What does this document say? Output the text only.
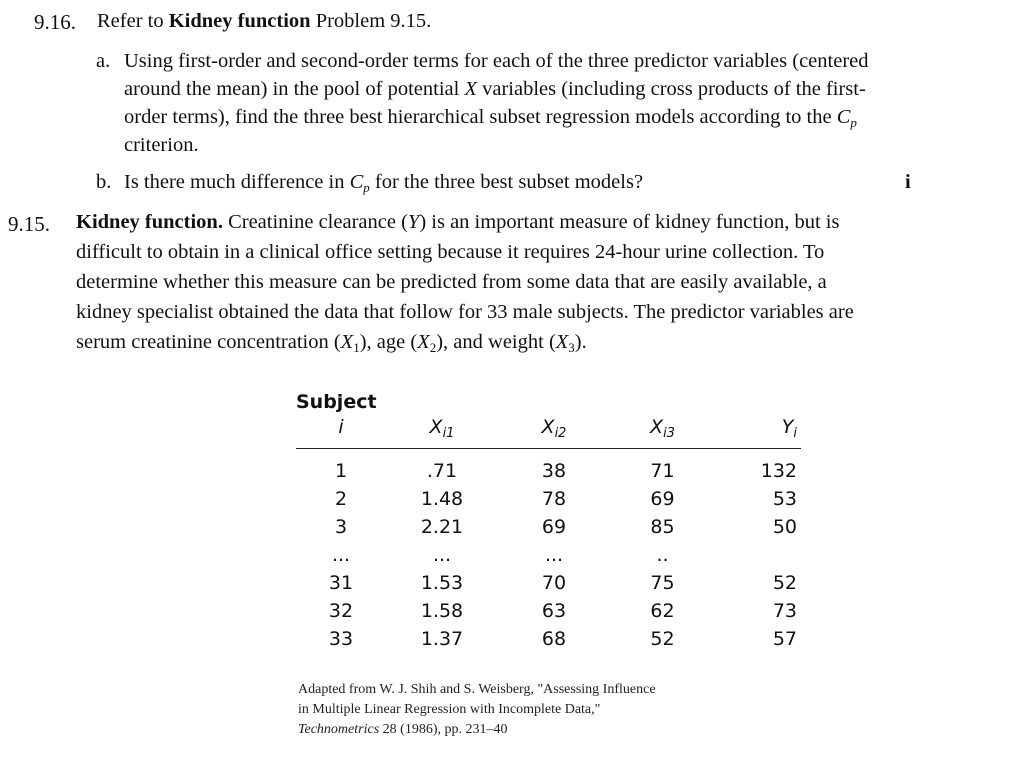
9.16. Refer to Kidney function Problem 9.15.
a. Using first-order and second-order terms for each of the three predictor variables (centered
around the mean) in the pool of potential X variables (including cross products of the first-
order terms), find the three best hierarchical subset regression models according to the $C_p$
criterion.
b. Is there much difference in $C_p$ for the three best subset models?	i
9.15. Kidney function. Creatinine clearance (Y) is an important measure of kidney function, but is
difficult to obtain in a clinical office setting because it requires 24-hour urine collection. To
determine whether this measure can be predicted from some data that are easily available, a
kidney specialist obtained the data that follow for 33 male subjects. The predictor variables are
serum creatinine concentration $(X_1)$, age $(X_2)$, and weight $(X_3)$.
Subject				
i	$X_{i1}$	$X_{i2}$	$X_{i3}$	$Y_i$

1	.71	38	71	132
2	1.48	78	69	53
3	2.21	69	85	50
...	...	...	..	
31	1.53	70	75	52
32	1.58	63	62	73
33	1.37	68	52	57
Adapted from W. J. Shih and S. Weisberg, "Assessing Influence
in Multiple Linear Regression with Incomplete Data,"
Technometrics 28 (1986), pp. 231–40
